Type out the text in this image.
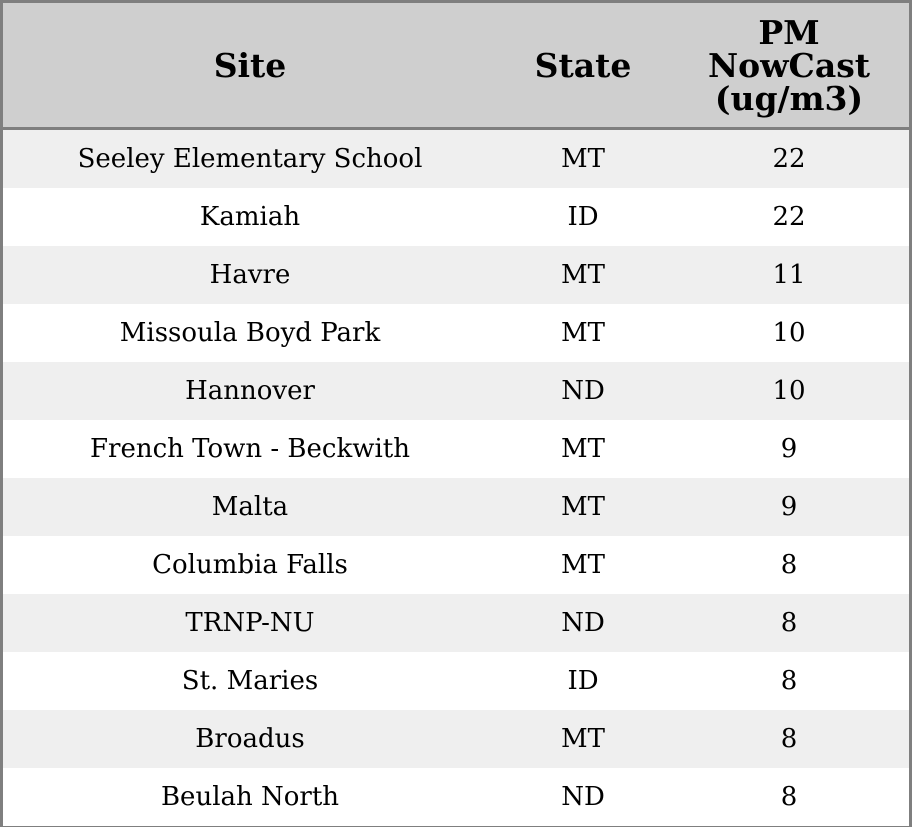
Site	State	PM
NowCast
(ug/m3)

Seeley Elementary School	MT	22
Kamiah	ID	22
Havre	MT	11
Missoula Boyd Park	MT	10
Hannover	ND	10
French Town - Beckwith	MT	9
Malta	MT	9
Columbia Falls	MT	8
TRNP-NU	ND	8
St. Maries	ID	8
Broadus	MT	8
Beulah North	ND	8
